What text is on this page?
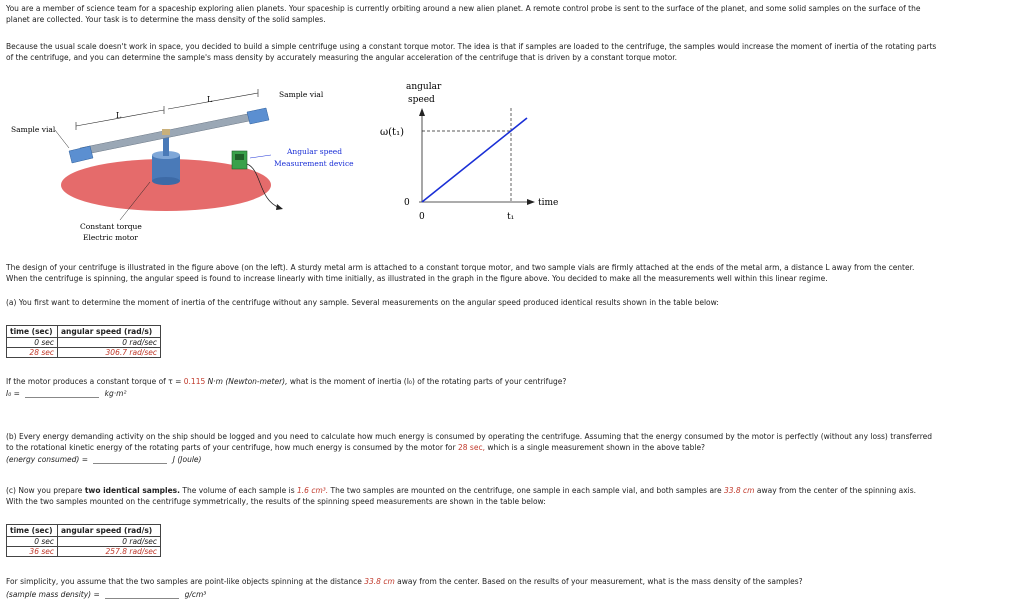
You are a member of science team for a spaceship exploring alien planets. Your spaceship is currently orbiting around a new alien planet. A remote control probe is sent to the surface of the planet, and some solid samples on the surface of the

planet are collected. Your task is to determine the mass density of the solid samples.

Because the usual scale doesn't work in space, you decided to build a simple centrifuge using a constant torque motor. The idea is that if samples are loaded to the centrifuge, the samples would increase the moment of inertia of the rotating parts

of the centrifuge, and you can determine the sample's mass density by accurately measuring the angular acceleration of the centrifuge that is driven by a constant torque motor.

L
L
Sample vial
Sample vial
Angular speed
Measurement device
Constant torque
Electric motor
angular
speed
ω(t₁)
0
0	t₁
time

The design of your centrifuge is illustrated in the figure above (on the left). A sturdy metal arm is attached to a constant torque motor, and two sample vials are firmly attached at the ends of the metal arm, a distance L away from the center.

When the centrifuge is spinning, the angular speed is found to increase linearly with time initially, as illustrated in the graph in the figure above. You decided to make all the measurements well within this linear regime.

(a) You first want to determine the moment of inertia of the centrifuge without any sample. Several measurements on the angular speed produced identical results shown in the table below:

time (sec)	angular speed (rad/s)
0 sec	0 rad/sec
28 sec	306.7 rad/sec

If the motor produces a constant torque of τ = 0.115 N·m (Newton-meter), what is the moment of inertia (I₀) of the rotating parts of your centrifuge?

I₀ =	kg·m²

(b) Every energy demanding activity on the ship should be logged and you need to calculate how much energy is consumed by operating the centrifuge. Assuming that the energy consumed by the motor is perfectly (without any loss) transferred

to the rotational kinetic energy of the rotating parts of your centrifuge, how much energy is consumed by the motor for 28 sec, which is a single measurement shown in the above table?

(energy consumed) =	J (Joule)

(c) Now you prepare two identical samples. The volume of each sample is 1.6 cm³. The two samples are mounted on the centrifuge, one sample in each sample vial, and both samples are 33.8 cm away from the center of the spinning axis.

With the two samples mounted on the centrifuge symmetrically, the results of the spinning speed measurements are shown in the table below:

time (sec)	angular speed (rad/s)
0 sec	0 rad/sec
36 sec	257.8 rad/sec

For simplicity, you assume that the two samples are point-like objects spinning at the distance 33.8 cm away from the center. Based on the results of your measurement, what is the mass density of the samples?

(sample mass density) =	g/cm³
